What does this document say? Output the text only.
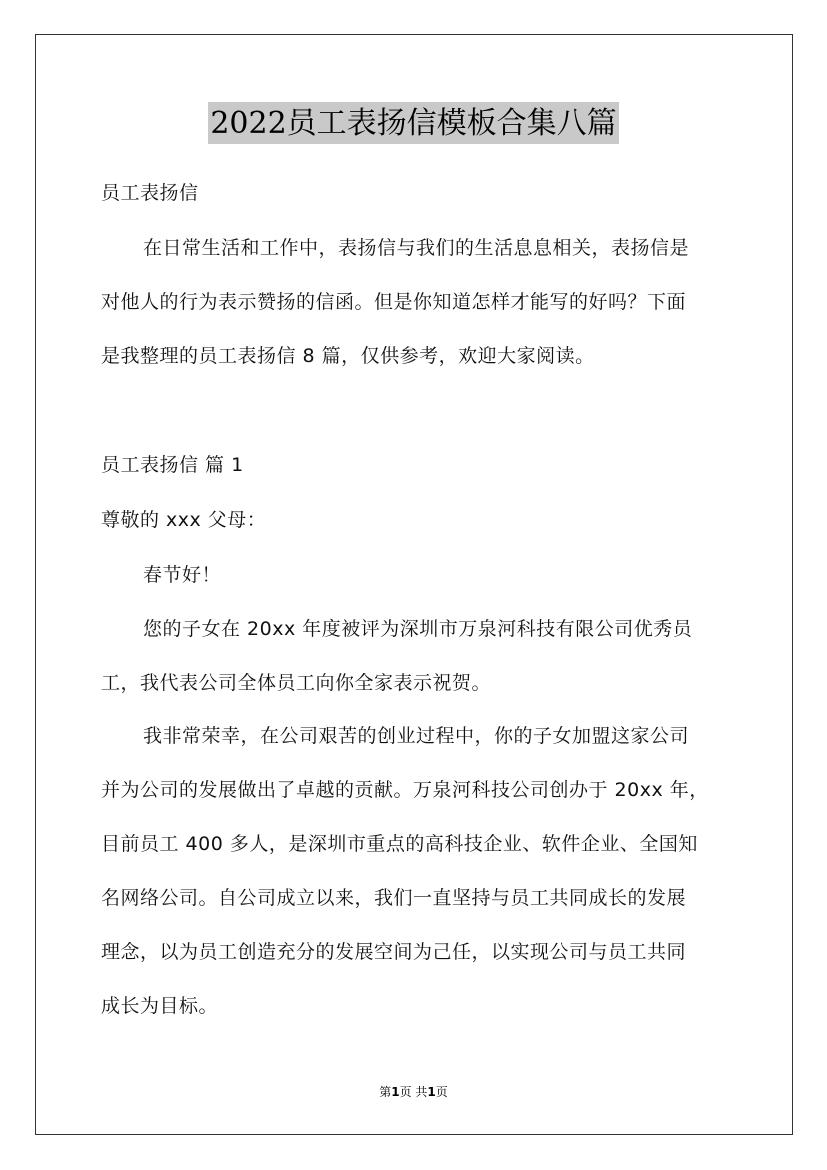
2022员工表扬信模板合集八篇
员工表扬信
在日常生活和工作中，表扬信与我们的生活息息相关，表扬信是
对他人的行为表示赞扬的信函。但是你知道怎样才能写的好吗？下面
是我整理的员工表扬信 8 篇，仅供参考，欢迎大家阅读。
员工表扬信 篇 1
尊敬的 xxx 父母：
春节好！
您的子女在 20xx 年度被评为深圳市万泉河科技有限公司优秀员
工，我代表公司全体员工向你全家表示祝贺。
我非常荣幸，在公司艰苦的创业过程中，你的子女加盟这家公司
并为公司的发展做出了卓越的贡献。万泉河科技公司创办于 20xx 年，
目前员工 400 多人，是深圳市重点的高科技企业、软件企业、全国知
名网络公司。自公司成立以来，我们一直坚持与员工共同成长的发展
理念，以为员工创造充分的发展空间为己任，以实现公司与员工共同
成长为目标。
第1页 共1页
